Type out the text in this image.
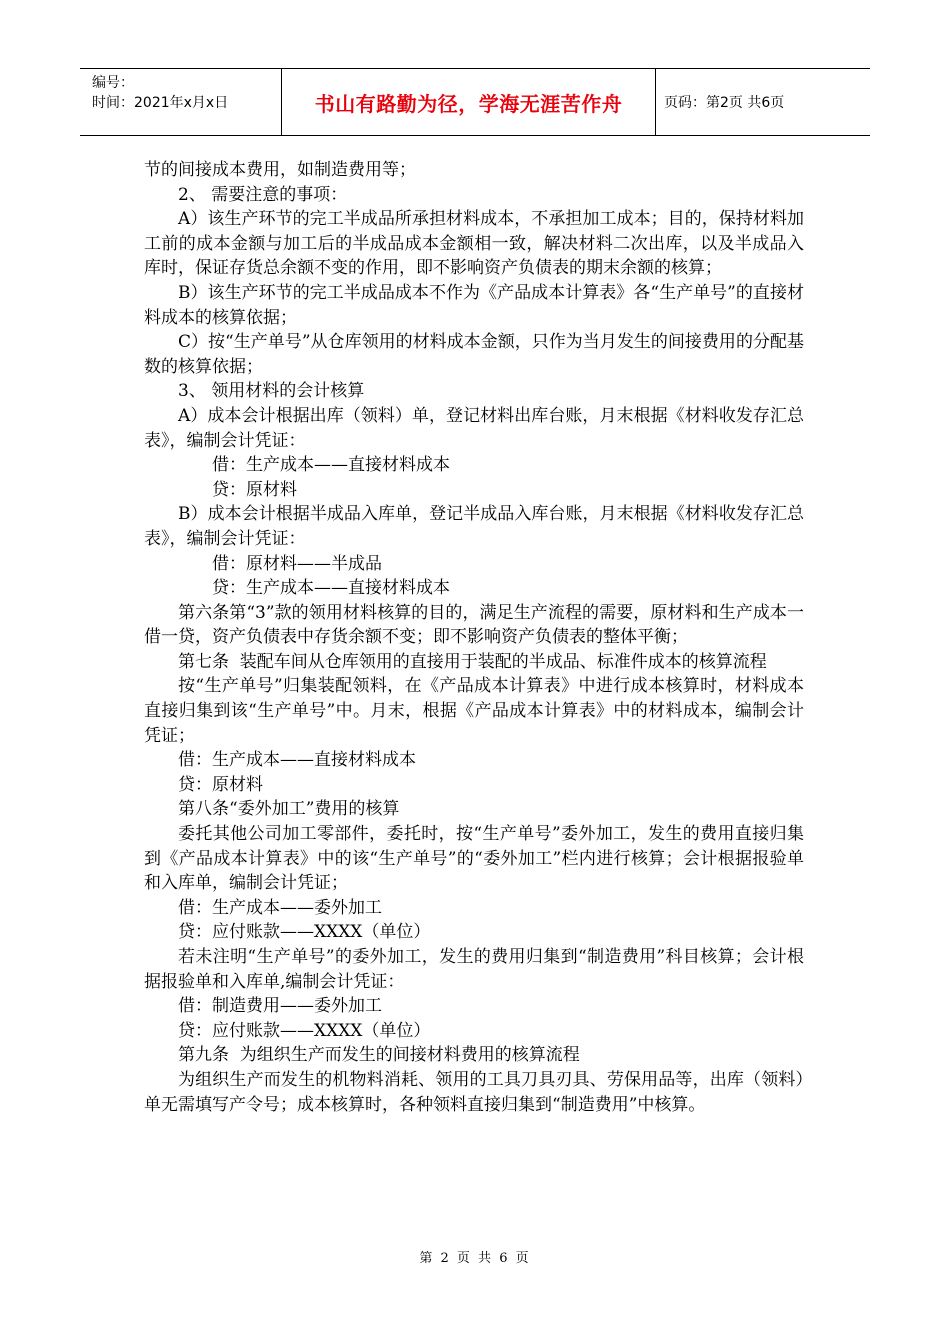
编号：
时间：2021年x月x日	书山有路勤为径，学海无涯苦作舟	页码：第2页 共6页

节的间接成本费用，如制造费用等；

2、 需要注意的事项：

A）该生产环节的完工半成品所承担材料成本，不承担加工成本；目的，保持材料加工前的成本金额与加工后的半成品成本金额相一致，解决材料二次出库，以及半成品入库时，保证存货总余额不变的作用，即不影响资产负债表的期末余额的核算；

B）该生产环节的完工半成品成本不作为《产品成本计算表》各“生产单号”的直接材料成本的核算依据；

C）按“生产单号”从仓库领用的材料成本金额，只作为当月发生的间接费用的分配基数的核算依据；

3、 领用材料的会计核算

A）成本会计根据出库（领料）单，登记材料出库台账，月末根据《材料收发存汇总表》，编制会计凭证：

借：生产成本——直接材料成本

贷：原材料

B）成本会计根据半成品入库单，登记半成品入库台账，月末根据《材料收发存汇总表》，编制会计凭证：

借：原材料——半成品

贷：生产成本——直接材料成本

第六条第“3”款的领用材料核算的目的，满足生产流程的需要，原材料和生产成本一借一贷，资产负债表中存货余额不变；即不影响资产负债表的整体平衡；

第七条  装配车间从仓库领用的直接用于装配的半成品、标准件成本的核算流程

按“生产单号”归集装配领料，在《产品成本计算表》中进行成本核算时，材料成本直接归集到该“生产单号”中。月末，根据《产品成本计算表》中的材料成本，编制会计凭证；

借：生产成本——直接材料成本

贷：原材料

第八条“委外加工”费用的核算

委托其他公司加工零部件，委托时，按“生产单号”委外加工，发生的费用直接归集到《产品成本计算表》中的该“生产单号”的“委外加工”栏内进行核算；会计根据报验单和入库单，编制会计凭证；

借：生产成本——委外加工

贷：应付账款——XXXX（单位）

若未注明“生产单号”的委外加工，发生的费用归集到“制造费用”科目核算；会计根据报验单和入库单,编制会计凭证：

借：制造费用——委外加工

贷：应付账款——XXXX（单位）

第九条  为组织生产而发生的间接材料费用的核算流程

为组织生产而发生的机物料消耗、领用的工具刀具刃具、劳保用品等，出库（领料）单无需填写产令号；成本核算时，各种领料直接归集到“制造费用”中核算。

第 2 页 共 6 页
